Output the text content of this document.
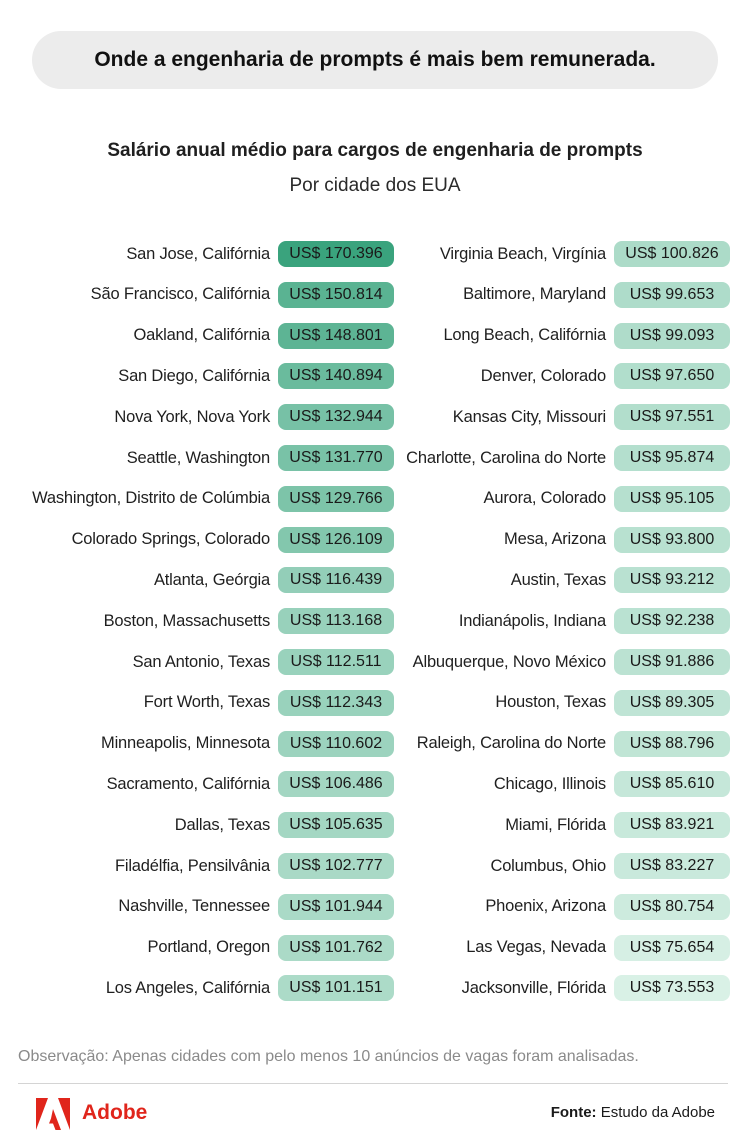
Onde a engenharia de prompts é mais bem remunerada.
Salário anual médio para cargos de engenharia de prompts
Por cidade dos EUA
San Jose, Califórnia	US$ 170.396
São Francisco, Califórnia	US$ 150.814
Oakland, Califórnia	US$ 148.801
San Diego, Califórnia	US$ 140.894
Nova York, Nova York	US$ 132.944
Seattle, Washington	US$ 131.770
Washington, Distrito de Colúmbia	US$ 129.766
Colorado Springs, Colorado	US$ 126.109
Atlanta, Geórgia	US$ 116.439
Boston, Massachusetts	US$ 113.168
San Antonio, Texas	US$ 112.511
Fort Worth, Texas	US$ 112.343
Minneapolis, Minnesota	US$ 110.602
Sacramento, Califórnia	US$ 106.486
Dallas, Texas	US$ 105.635
Filadélfia, Pensilvânia	US$ 102.777
Nashville, Tennessee	US$ 101.944
Portland, Oregon	US$ 101.762
Los Angeles, Califórnia	US$ 101.151
Virginia Beach, Virgínia	US$ 100.826
Baltimore, Maryland	US$ 99.653
Long Beach, Califórnia	US$ 99.093
Denver, Colorado	US$ 97.650
Kansas City, Missouri	US$ 97.551
Charlotte, Carolina do Norte	US$ 95.874
Aurora, Colorado	US$ 95.105
Mesa, Arizona	US$ 93.800
Austin, Texas	US$ 93.212
Indianápolis, Indiana	US$ 92.238
Albuquerque, Novo México	US$ 91.886
Houston, Texas	US$ 89.305
Raleigh, Carolina do Norte	US$ 88.796
Chicago, Illinois	US$ 85.610
Miami, Flórida	US$ 83.921
Columbus, Ohio	US$ 83.227
Phoenix, Arizona	US$ 80.754
Las Vegas, Nevada	US$ 75.654
Jacksonville, Flórida	US$ 73.553
Observação: Apenas cidades com pelo menos 10 anúncios de vagas foram analisadas.
Adobe	Fonte: Estudo da Adobe
